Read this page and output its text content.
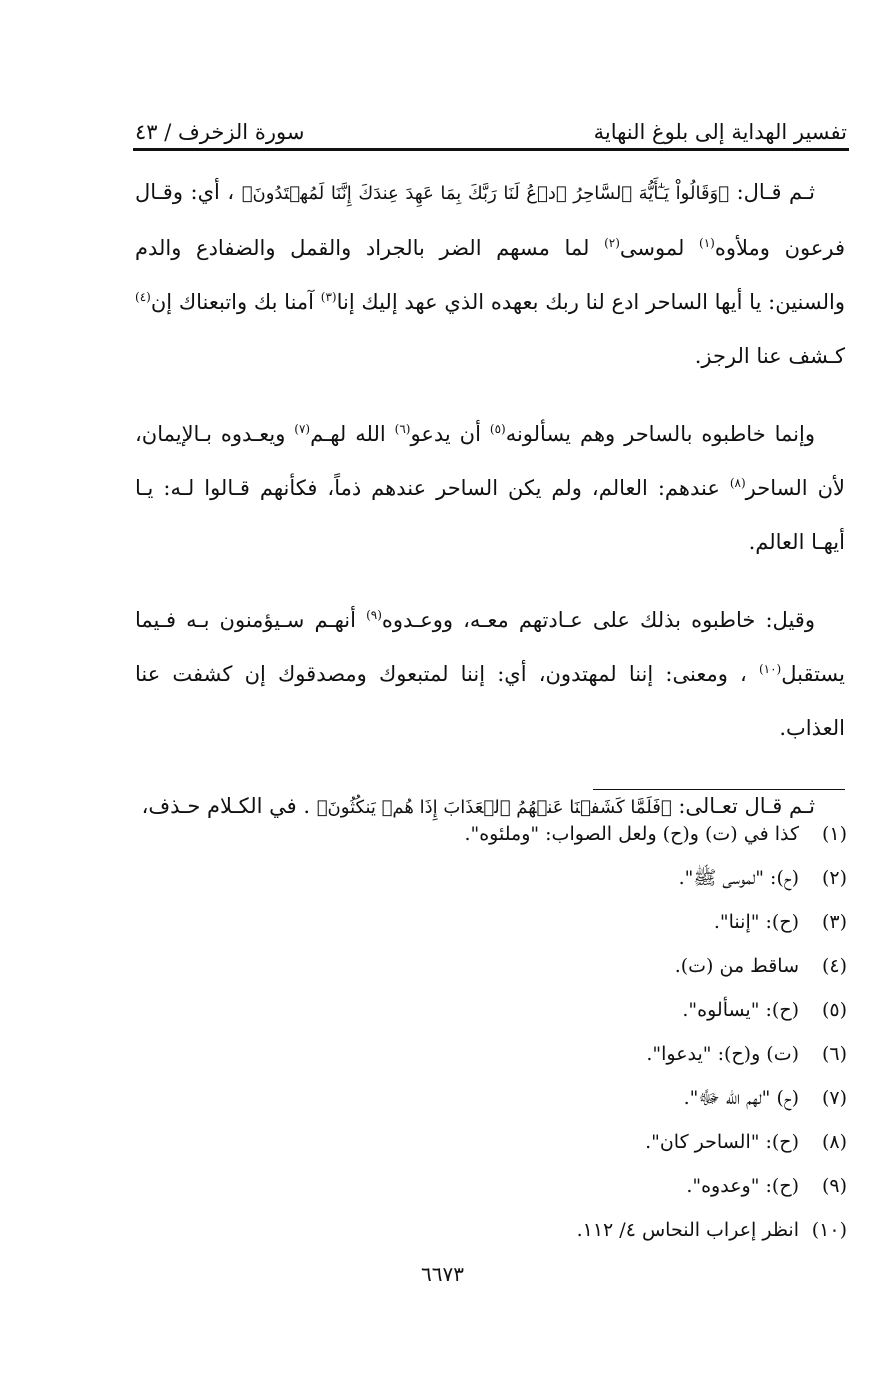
تفسير الهداية إلى بلوغ النهاية
سورة الزخرف / ٤٣

ثـم قـال: ﴿وَقَالُواْ يَـٰٓأَيُّهَ ٱلسَّاحِرُ ٱدۡعُ لَنَا رَبَّكَ بِمَا عَهِدَ عِندَكَ إِنَّنَا لَمُهۡتَدُونَ﴾ ، أي: وقـال فرعون وملأوه$^{(١)}$ لموسى$^{(٢)}$ لما مسهم الضر بالجراد والقمل والضفادع والدم والسنين: يا أيها الساحر ادع لنا ربك بعهده الذي عهد إليك إنا$^{(٣)}$ آمنا بك واتبعناك إن$^{(٤)}$ كـشف عنا الرجز.

وإنما خاطبوه بالساحر وهم يسألونه$^{(٥)}$ أن يدعو$^{(٦)}$ الله لهـم$^{(٧)}$ ويعـدوه بـالإيمان، لأن الساحر$^{(٨)}$ عندهم: العالم، ولم يكن الساحر عندهم ذماً، فكأنهم قـالوا لـه: يـا أيهـا العالم.

وقيل: خاطبوه بذلك على عـادتهم معـه، ووعـدوه$^{(٩)}$ أنهـم سـيؤمنون بـه فـيما يستقبل$^{(١٠)}$ ، ومعنى: إننا لمهتدون، أي: إننا لمتبعوك ومصدقوك إن كشفت عنا العذاب.

ثـم قـال تعـالى: ﴿فَلَمَّا كَشَفۡنَا عَنۡهُمُ ٱلۡعَذَابَ إِذَا هُمۡ يَنكُثُونَ﴾ . في الكـلام حـذف،

(١)
كذا في (ت) و(ح) ولعل الصواب: "وملئوه".
(٢)
(ح): "لموسى ﷺ".
(٣)
(ح): "إننا".
(٤)
ساقط من (ت).
(٥)
(ح): "يسألوه".
(٦)
(ت) و(ح): "يدعوا".
(٧)
(ح) "لهم الله ﷻ".
(٨)
(ح): "الساحر كان".
(٩)
(ح): "وعدوه".
(١٠)
انظر إعراب النحاس ٤/ ١١٢.
٦٦٧٣
